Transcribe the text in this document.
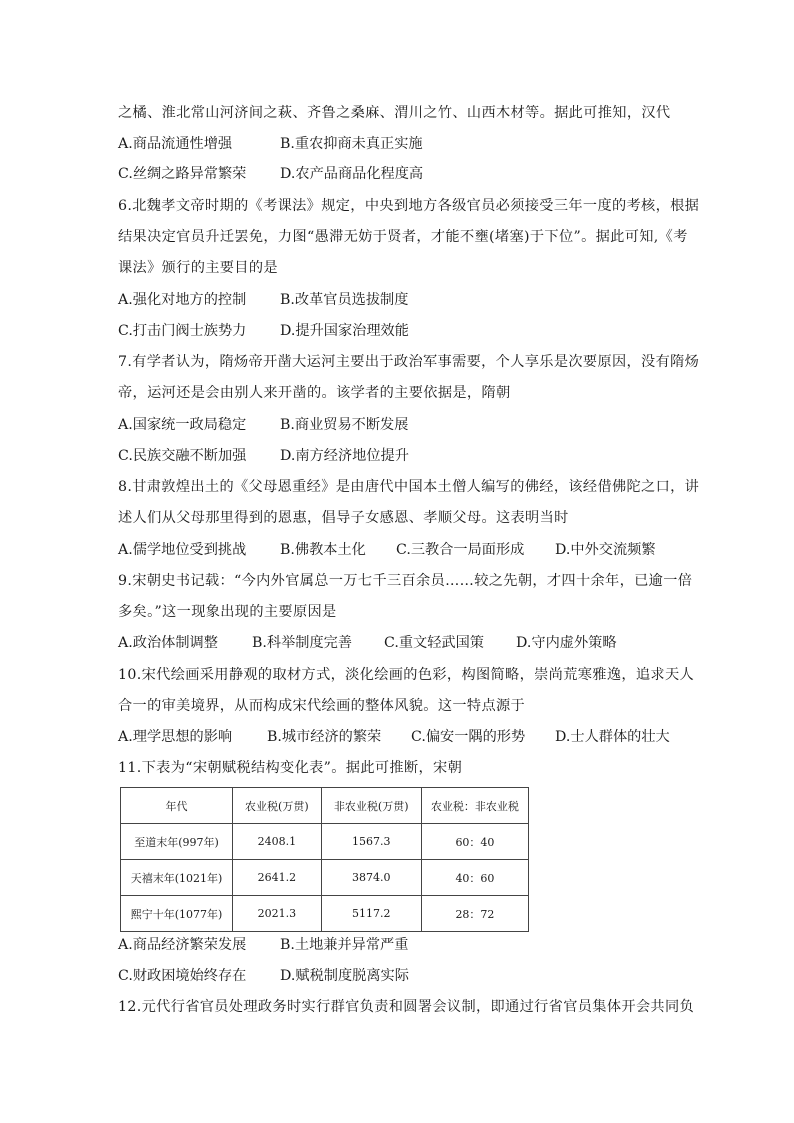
之橘、淮北常山河济间之萩、齐鲁之桑麻、渭川之竹、山西木材等。据此可推知，汉代
A.商品流通性增强	B.重农抑商未真正实施
C.丝绸之路异常繁荣 D.农产品商品化程度高
6.北魏孝文帝时期的《考课法》规定，中央到地方各级官员必须接受三年一度的考核，根据
结果决定官员升迁罢免，力图“愚滞无妨于贤者，才能不壅(堵塞)于下位”。据此可知,《考
课法》颁行的主要目的是
A.强化对地方的控制 B.改革官员选拔制度
C.打击门阀士族势力 D.提升国家治理效能
7.有学者认为，隋炀帝开凿大运河主要出于政治军事需要，个人享乐是次要原因，没有隋炀
帝，运河还是会由别人来开凿的。该学者的主要依据是，隋朝
A.国家统一政局稳定 B.商业贸易不断发展
C.民族交融不断加强 D.南方经济地位提升
8.甘肃敦煌出土的《父母恩重经》是由唐代中国本土僧人编写的佛经，该经借佛陀之口，讲
述人们从父母那里得到的恩惠，倡导子女感恩、孝顺父母。这表明当时
A.儒学地位受到挑战 B.佛教本土化 C.三教合一局面形成 D.中外交流频繁
9.宋朝史书记载：“今内外官属总一万七千三百余员……较之先朝，才四十余年，已逾一倍
多矣。”这一现象出现的主要原因是
A.政治体制调整 B.科举制度完善 C.重文轻武国策 D.守内虚外策略
10.宋代绘画采用静观的取材方式，淡化绘画的色彩，构图简略，崇尚荒寒雅逸，追求天人
合一的审美境界，从而构成宋代绘画的整体风貌。这一特点源于
A.理学思想的影响 B.城市经济的繁荣 C.偏安一隅的形势 D.士人群体的壮大
11.下表为“宋朝赋税结构变化表”。据此可推断，宋朝
年代	农业税(万贯)	非农业税(万贯)	农业税：非农业税
至道末年(997年)	2408.1	1567.3	60：40
天禧末年(1021年)	2641.2	3874.0	40：60
熙宁十年(1077年)	2021.3	5117.2	28：72
A.商品经济繁荣发展 B.土地兼并异常严重
C.财政困境始终存在 D.赋税制度脱离实际
12.元代行省官员处理政务时实行群官负责和圆署会议制，即通过行省官员集体开会共同负
